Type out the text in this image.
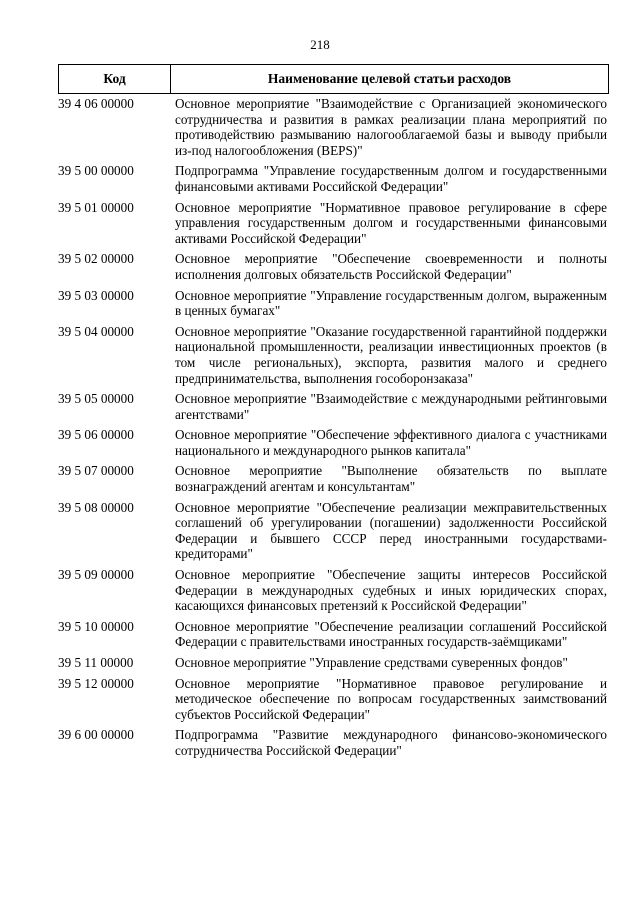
218
Код	Наименование целевой статьи расходов
39 4 06 00000	Основное мероприятие "Взаимодействие с Организацией экономического сотрудничества и развития в рамках реализации плана мероприятий по противодействию размыванию налогооблагаемой базы и выводу прибыли из-под налогообложения (BEPS)"
39 5 00 00000	Подпрограмма "Управление государственным долгом и государственными финансовыми активами Российской Федерации"
39 5 01 00000	Основное мероприятие "Нормативное правовое регулирование в сфере управления государственным долгом и государственными финансовыми активами Российской Федерации"
39 5 02 00000	Основное мероприятие "Обеспечение своевременности и полноты исполнения долговых обязательств Российской Федерации"
39 5 03 00000	Основное мероприятие "Управление государственным долгом, выраженным в ценных бумагах"
39 5 04 00000	Основное мероприятие "Оказание государственной гарантийной поддержки национальной промышленности, реализации инвестиционных проектов (в том числе региональных), экспорта, развития малого и среднего предпринимательства, выполнения гособоронзаказа"
39 5 05 00000	Основное мероприятие "Взаимодействие с международными рейтинговыми агентствами"
39 5 06 00000	Основное мероприятие "Обеспечение эффективного диалога с участниками национального и международного рынков капитала"
39 5 07 00000	Основное мероприятие "Выполнение обязательств по выплате вознаграждений агентам и консультантам"
39 5 08 00000	Основное мероприятие "Обеспечение реализации межправительственных соглашений об урегулировании (погашении) задолженности Российской Федерации и бывшего СССР перед иностранными государствами-кредиторами"
39 5 09 00000	Основное мероприятие "Обеспечение защиты интересов Российской Федерации в международных судебных и иных юридических спорах, касающихся финансовых претензий к Российской Федерации"
39 5 10 00000	Основное мероприятие "Обеспечение реализации соглашений Российской Федерации с правительствами иностранных государств-заёмщиками"
39 5 11 00000	Основное мероприятие "Управление средствами суверенных фондов"
39 5 12 00000	Основное мероприятие "Нормативное правовое регулирование и методическое обеспечение по вопросам государственных заимствований субъектов Российской Федерации"
39 6 00 00000	Подпрограмма "Развитие международного финансово-экономического сотрудничества Российской Федерации"
